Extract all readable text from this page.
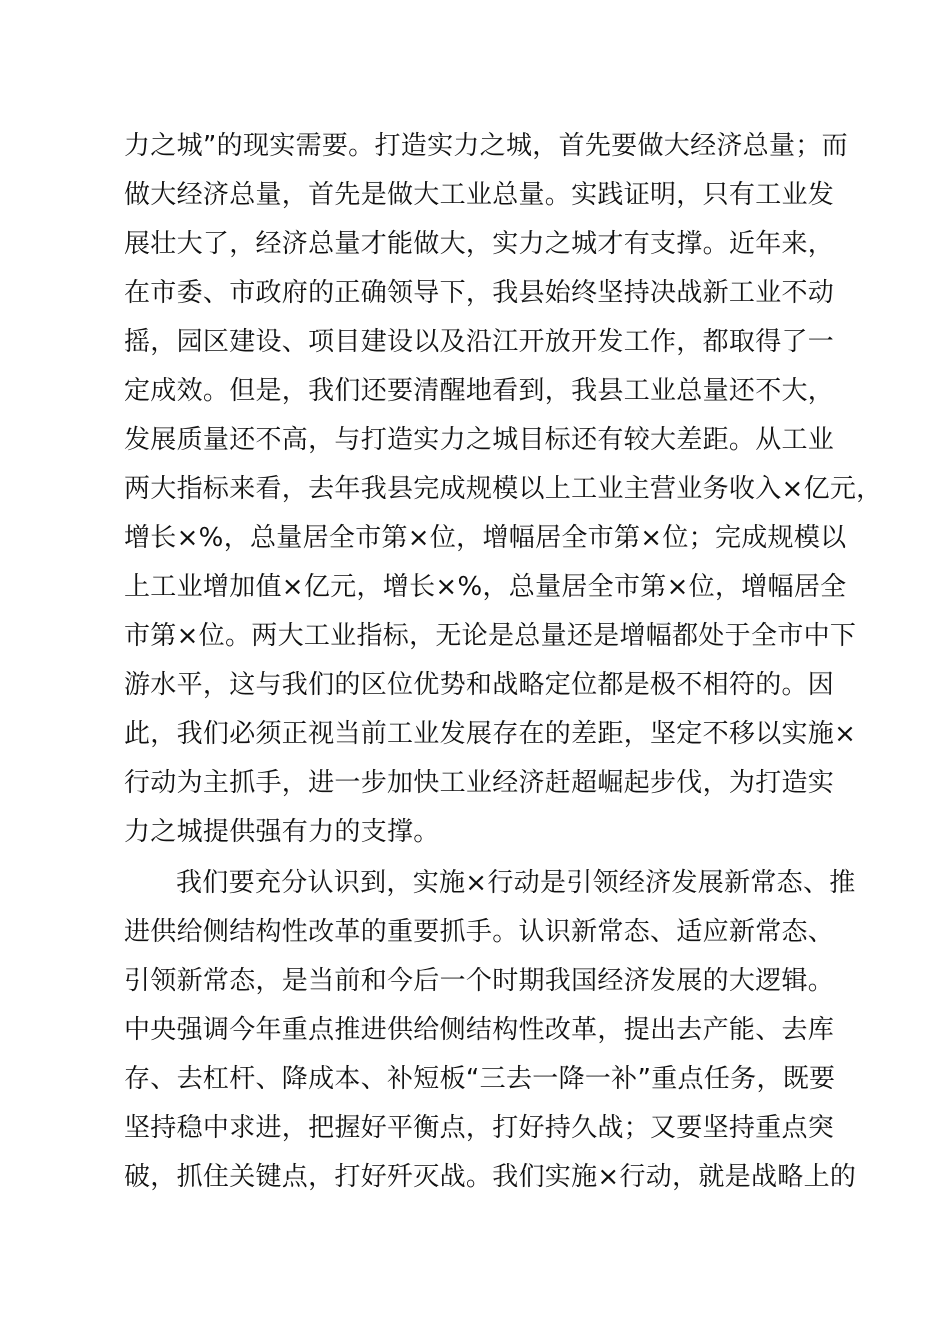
力之城”的现实需要。打造实力之城，首先要做大经济总量；而
做大经济总量，首先是做大工业总量。实践证明，只有工业发
展壮大了，经济总量才能做大，实力之城才有支撑。近年来，
在市委、市政府的正确领导下，我县始终坚持决战新工业不动
摇，园区建设、项目建设以及沿江开放开发工作，都取得了一
定成效。但是，我们还要清醒地看到，我县工业总量还不大，
发展质量还不高，与打造实力之城目标还有较大差距。从工业
两大指标来看，去年我县完成规模以上工业主营业务收入×亿元，
增长×%，总量居全市第×位，增幅居全市第×位；完成规模以
上工业增加值×亿元，增长×%，总量居全市第×位，增幅居全
市第×位。两大工业指标，无论是总量还是增幅都处于全市中下
游水平，这与我们的区位优势和战略定位都是极不相符的。因
此，我们必须正视当前工业发展存在的差距，坚定不移以实施×
行动为主抓手，进一步加快工业经济赶超崛起步伐，为打造实
力之城提供强有力的支撑。
我们要充分认识到，实施×行动是引领经济发展新常态、推
进供给侧结构性改革的重要抓手。认识新常态、适应新常态、
引领新常态，是当前和今后一个时期我国经济发展的大逻辑。
中央强调今年重点推进供给侧结构性改革，提出去产能、去库
存、去杠杆、降成本、补短板“三去一降一补”重点任务，既要
坚持稳中求进，把握好平衡点，打好持久战；又要坚持重点突
破，抓住关键点，打好歼灭战。我们实施×行动，就是战略上的
